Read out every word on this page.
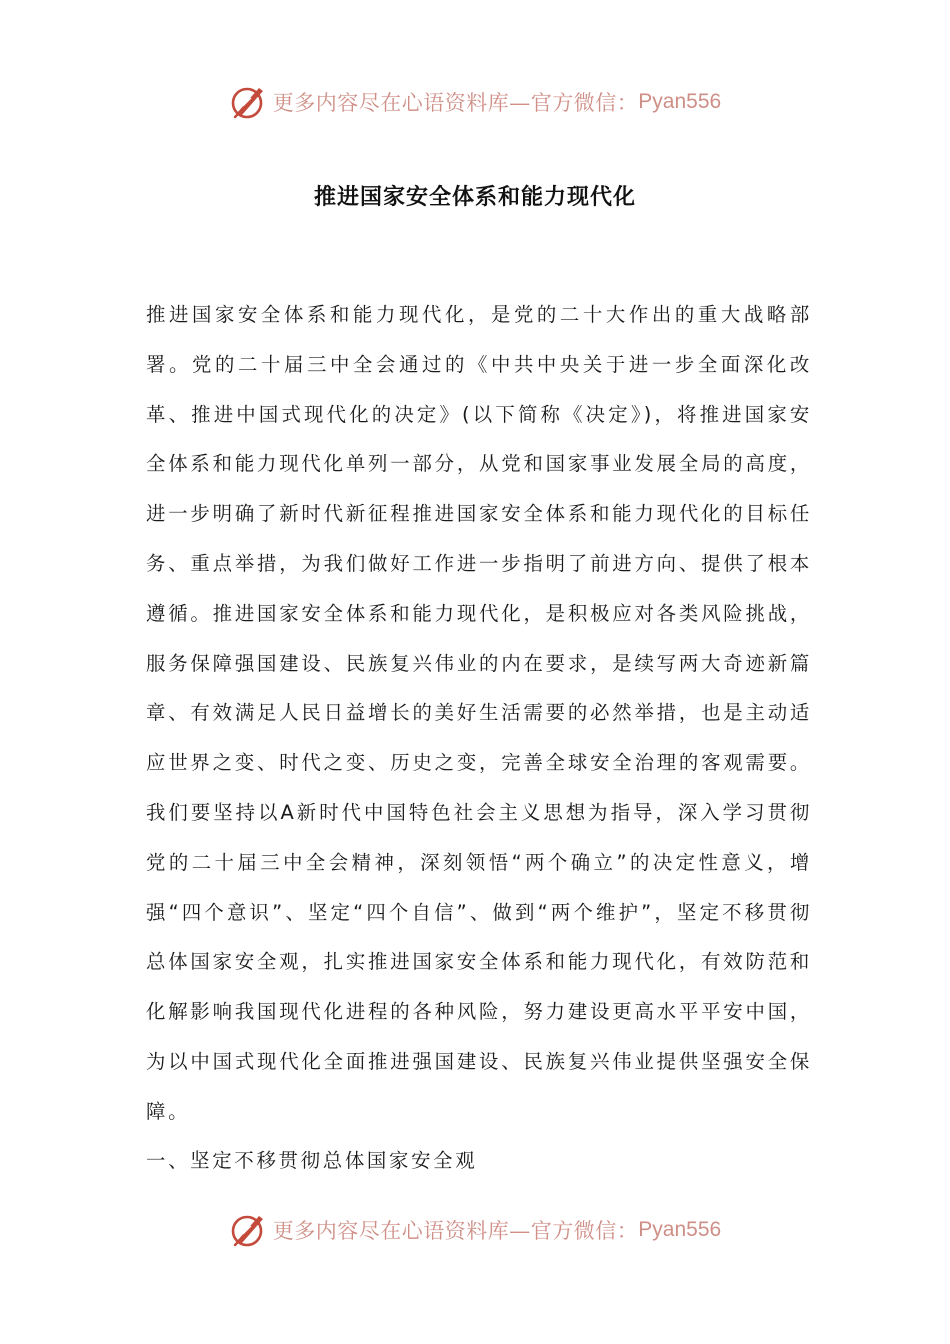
更多内容尽在心语资料库—官方微信： Pyan556
推进国家安全体系和能力现代化

推进国家安全体系和能力现代化，是党的二十大作出的重大战略部署。党的二十届三中全会通过的《中共中央关于进一步全面深化改革、推进中国式现代化的决定》(以下简称《决定》)，将推进国家安全体系和能力现代化单列一部分，从党和国家事业发展全局的高度，进一步明确了新时代新征程推进国家安全体系和能力现代化的目标任务、重点举措，为我们做好工作进一步指明了前进方向、提供了根本遵循。推进国家安全体系和能力现代化，是积极应对各类风险挑战，服务保障强国建设、民族复兴伟业的内在要求，是续写两大奇迹新篇章、有效满足人民日益增长的美好生活需要的必然举措，也是主动适应世界之变、时代之变、历史之变，完善全球安全治理的客观需要。我们要坚持以A新时代中国特色社会主义思想为指导，深入学习贯彻党的二十届三中全会精神，深刻领悟“两个确立”的决定性意义，增强“四个意识”、坚定“四个自信”、做到“两个维护”，坚定不移贯彻总体国家安全观，扎实推进国家安全体系和能力现代化，有效防范和化解影响我国现代化进程的各种风险，努力建设更高水平平安中国，为以中国式现代化全面推进强国建设、民族复兴伟业提供坚强安全保障。

一、坚定不移贯彻总体国家安全观

更多内容尽在心语资料库—官方微信： Pyan556
